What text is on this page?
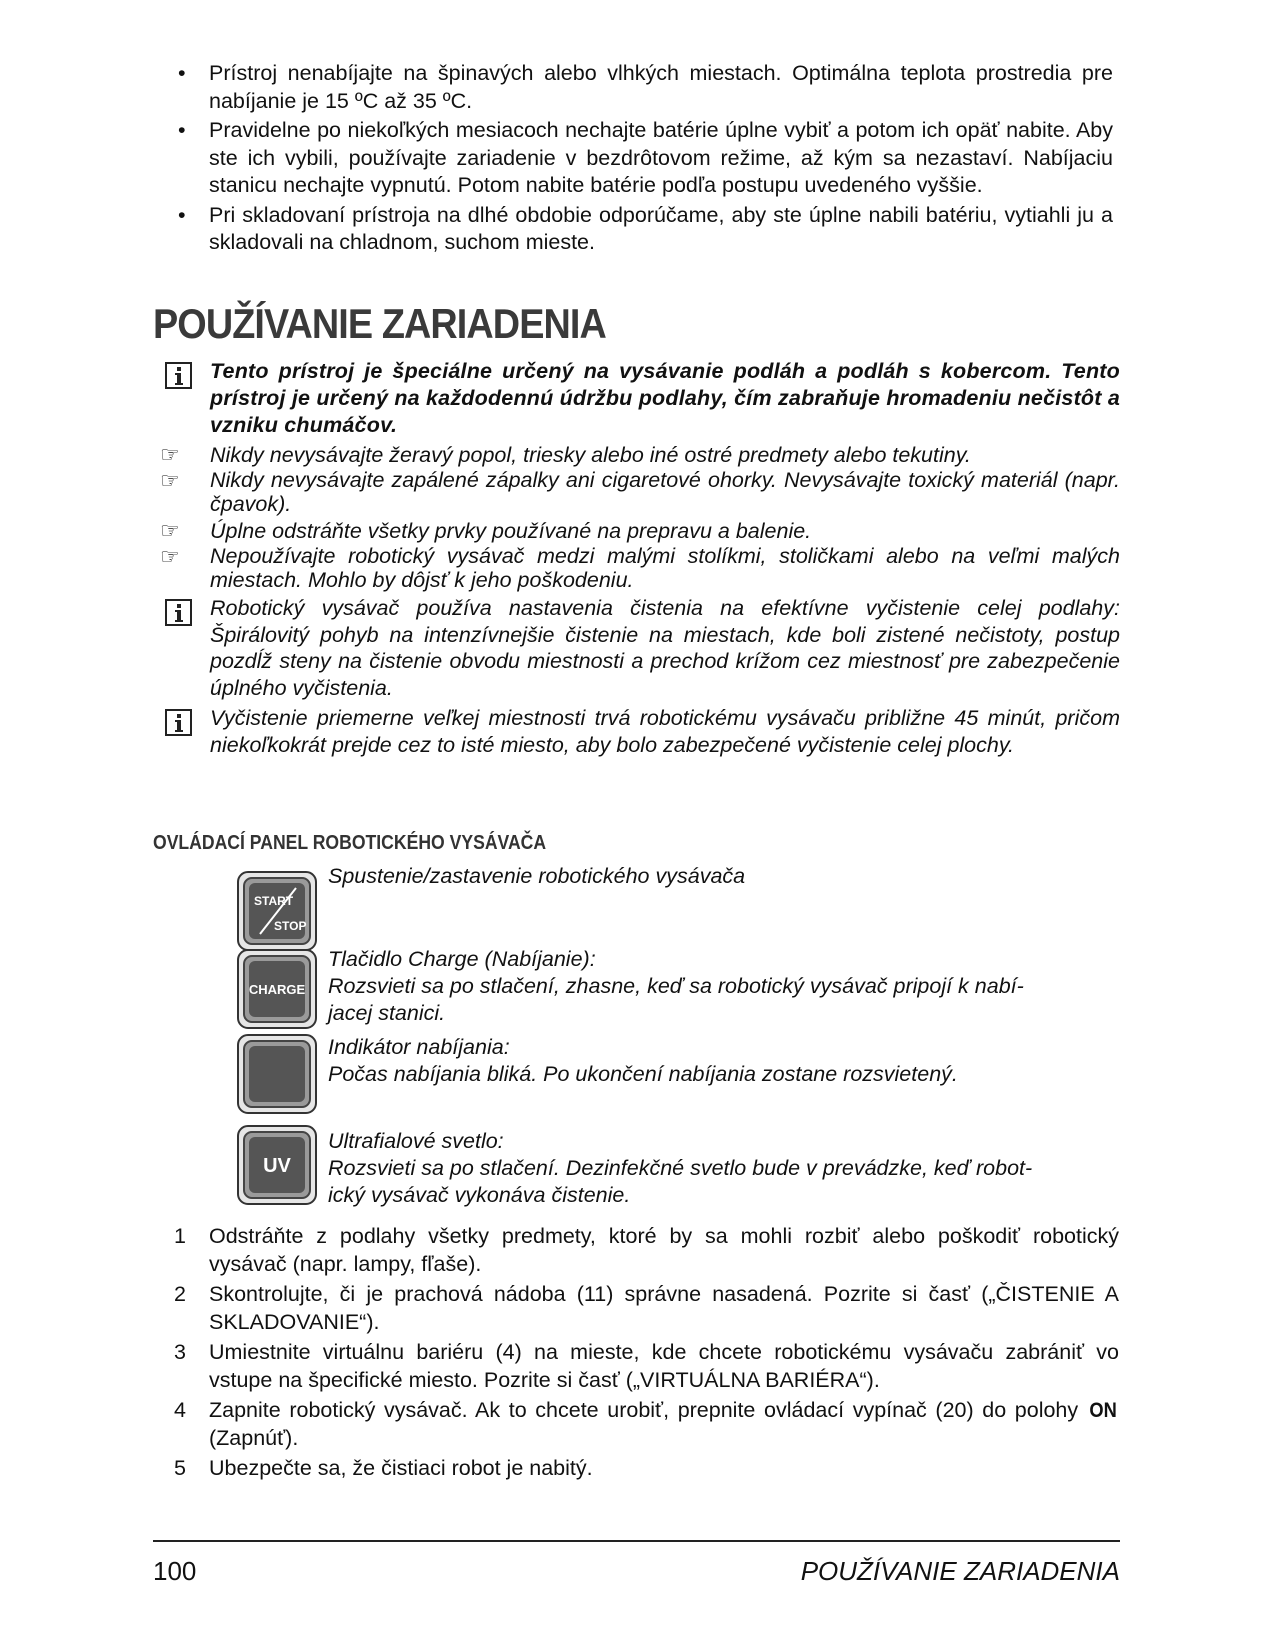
• Prístroj nenabíjajte na špinavých alebo vlhkých miestach. Optimálna teplota prostredia pre nabíjanie je 15 ºC až 35 ºC.
• Pravidelne po niekoľkých mesiacoch nechajte batérie úplne vybiť a potom ich opäť nabite. Aby ste ich vybili, používajte zariadenie v bezdrôtovom režime, až kým sa nezastaví. Nabíjaciu stanicu nechajte vypnutú. Potom nabite batérie podľa postupu uvedeného vyššie.
• Pri skladovaní prístroja na dlhé obdobie odporúčame, aby ste úplne nabili batériu, vytiahli ju a skladovali na chladnom, suchom mieste.
POUŽÍVANIE ZARIADENIA
Tento prístroj je špeciálne určený na vysávanie podláh a podláh s kobercom. Tento prístroj je určený na každodennú údržbu podlahy, čím zabraňuje hromadeniu nečistôt a vzniku chumáčov.
☞ Nikdy nevysávajte žeravý popol, triesky alebo iné ostré predmety alebo tekutiny.
☞ Nikdy nevysávajte zapálené zápalky ani cigaretové ohorky. Nevysávajte toxický materiál (napr. čpavok).
☞ Úplne odstráňte všetky prvky používané na prepravu a balenie.
☞ Nepoužívajte robotický vysávač medzi malými stolíkmi, stoličkami alebo na veľmi malých miestach. Mohlo by dôjsť k jeho poškodeniu.
Robotický vysávač používa nastavenia čistenia na efektívne vyčistenie celej podlahy: Špirálovitý pohyb na intenzívnejšie čistenie na miestach, kde boli zistené nečistoty, postup pozdĺž steny na čistenie obvodu miestnosti a prechod krížom cez miestnosť pre zabezpečenie úplného vyčistenia.
Vyčistenie priemerne veľkej miestnosti trvá robotickému vysávaču približne 45 minút, pričom niekoľkokrát prejde cez to isté miesto, aby bolo zabezpečené vyčistenie celej plochy.
OVLÁDACÍ PANEL ROBOTICKÉHO VYSÁVAČA
START
STOP
Spustenie/zastavenie robotického vysávača
CHARGE
Tlačidlo Charge (Nabíjanie):
Rozsvieti sa po stlačení, zhasne, keď sa robotický vysávač pripojí k nabí-
jacej stanici.
Indikátor nabíjania:
Počas nabíjania bliká. Po ukončení nabíjania zostane rozsvietený.
UV
Ultrafialové svetlo:
Rozsvieti sa po stlačení. Dezinfekčné svetlo bude v prevádzke, keď robot-
ický vysávač vykonáva čistenie.
1 Odstráňte z podlahy všetky predmety, ktoré by sa mohli rozbiť alebo poškodiť robotický vysávač (napr. lampy, fľaše).
2 Skontrolujte, či je prachová nádoba (11) správne nasadená. Pozrite si časť („ČISTENIE A SKLADOVANIE“).
3 Umiestnite virtuálnu bariéru (4) na mieste, kde chcete robotickému vysávaču zabrániť vo vstupe na špecifické miesto. Pozrite si časť („VIRTUÁLNA BARIÉRA“).
4 Zapnite robotický vysávač. Ak to chcete urobiť, prepnite ovládací vypínač (20) do polohy ON (Zapnúť).
5 Ubezpečte sa, že čistiaci robot je nabitý.
100	POUŽÍVANIE ZARIADENIA
